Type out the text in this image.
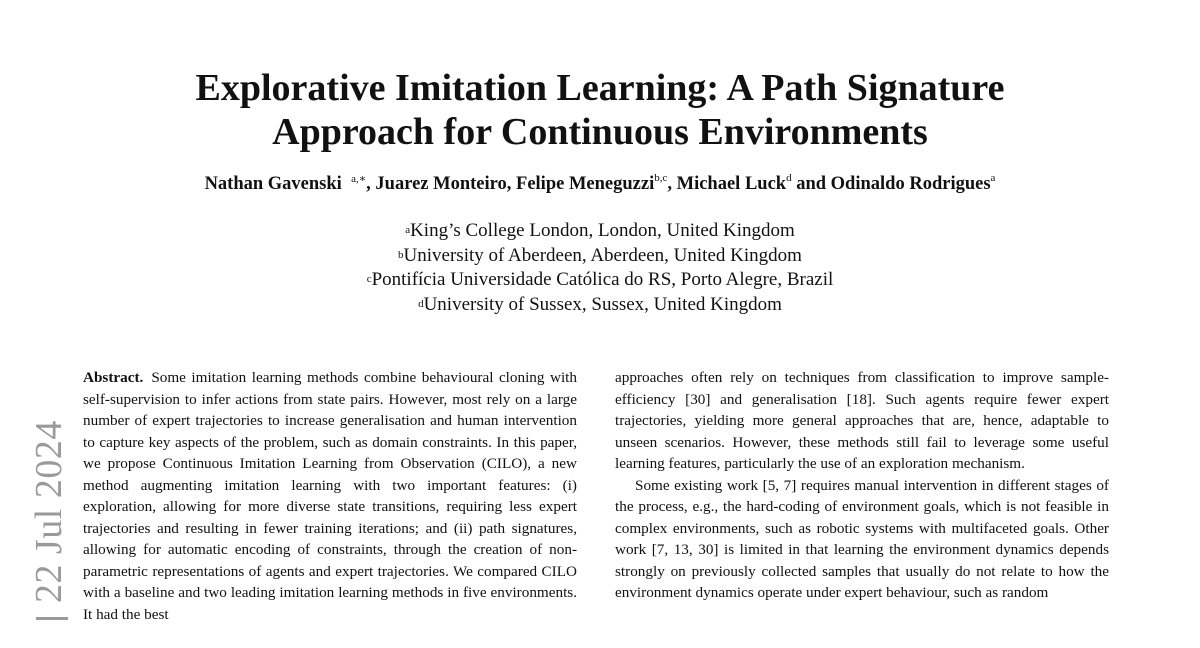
Explorative Imitation Learning: A Path Signature
Approach for Continuous Environments
Nathan Gavenski $^{a,∗}$, Juarez Monteiro, Felipe Meneguzzi$^{b,c}$, Michael Luck$^d$ and Odinaldo Rodrigues$^a$
$^a$King’s College London, London, United Kingdom
$^b$University of Aberdeen, Aberdeen, United Kingdom
$^c$Pontifícia Universidade Católica do RS, Porto Alegre, Brazil
$^d$University of Sussex, Sussex, United Kingdom

Abstract. Some imitation learning methods combine behavioural cloning with self-supervision to infer actions from state pairs. However, most rely on a large number of expert trajectories to increase generalisation and human intervention to capture key aspects of the problem, such as domain constraints. In this paper, we propose Continuous Imitation Learning from Observation (CILO), a new method augmenting imitation learning with two important features: (i) exploration, allowing for more diverse state transitions, requiring less expert trajectories and resulting in fewer training iterations; and (ii) path signatures, allowing for automatic encoding of constraints, through the creation of non-parametric representations of agents and expert trajectories. We compared CILO with a baseline and two leading imitation learning methods in five environments. It had the best

approaches often rely on techniques from classification to improve sample-efficiency [30] and generalisation [18]. Such agents require fewer expert trajectories, yielding more general approaches that are, hence, adaptable to unseen scenarios. However, these methods still fail to leverage some useful learning features, particularly the use of an exploration mechanism.

Some existing work [5, 7] requires manual intervention in different stages of the process, e.g., the hard-coding of environment goals, which is not feasible in complex environments, such as robotic systems with multifaceted goals. Other work [7, 13, 30] is limited in that learning the environment dynamics depends strongly on previously collected samples that usually do not relate to how the environment dynamics operate under expert behaviour, such as random

22 Jul 2024
